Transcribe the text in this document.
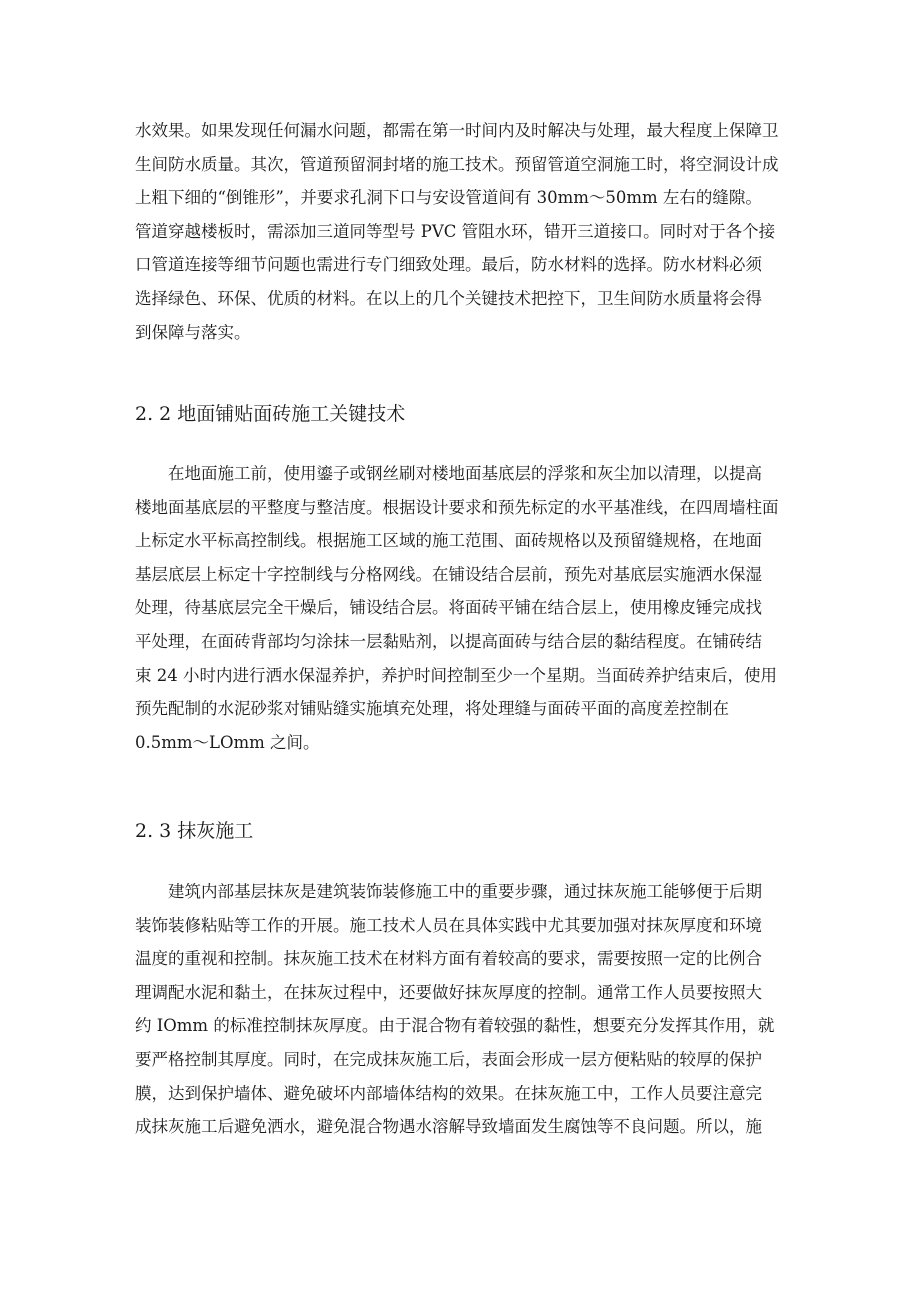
水效果。如果发现任何漏水问题，都需在第一时间内及时解决与处理，最大程度上保障卫
生间防水质量。其次，管道预留洞封堵的施工技术。预留管道空洞施工时，将空洞设计成
上粗下细的“倒锥形”，并要求孔洞下口与安设管道间有 30mm～50mm 左右的缝隙。
管道穿越楼板时，需添加三道同等型号 PVC 管阻水环，错开三道接口。同时对于各个接
口管道连接等细节问题也需进行专门细致处理。最后，防水材料的选择。防水材料必须
选择绿色、环保、优质的材料。在以上的几个关键技术把控下，卫生间防水质量将会得
到保障与落实。

2. 2 地面铺贴面砖施工关键技术

　　在地面施工前，使用鎏子或钢丝刷对楼地面基底层的浮浆和灰尘加以清理，以提高
楼地面基底层的平整度与整洁度。根据设计要求和预先标定的水平基准线，在四周墙柱面
上标定水平标高控制线。根据施工区域的施工范围、面砖规格以及预留缝规格，在地面
基层底层上标定十字控制线与分格网线。在铺设结合层前，预先对基底层实施洒水保湿
处理，待基底层完全干燥后，铺设结合层。将面砖平铺在结合层上，使用橡皮锤完成找
平处理，在面砖背部均匀涂抹一层黏贴剂，以提高面砖与结合层的黏结程度。在铺砖结
束 24 小时内进行洒水保湿养护，养护时间控制至少一个星期。当面砖养护结束后，使用
预先配制的水泥砂浆对铺贴缝实施填充处理，将处理缝与面砖平面的高度差控制在
0.5mm～LOmm 之间。

2. 3 抹灰施工

　　建筑内部基层抹灰是建筑装饰装修施工中的重要步骤，通过抹灰施工能够便于后期
装饰装修粘贴等工作的开展。施工技术人员在具体实践中尤其要加强对抹灰厚度和环境
温度的重视和控制。抹灰施工技术在材料方面有着较高的要求，需要按照一定的比例合
理调配水泥和黏土，在抹灰过程中，还要做好抹灰厚度的控制。通常工作人员要按照大
约 IOmm 的标准控制抹灰厚度。由于混合物有着较强的黏性，想要充分发挥其作用，就
要严格控制其厚度。同时，在完成抹灰施工后，表面会形成一层方便粘贴的较厚的保护
膜，达到保护墙体、避免破坏内部墙体结构的效果。在抹灰施工中，工作人员要注意完
成抹灰施工后避免洒水，避免混合物遇水溶解导致墙面发生腐蚀等不良问题。所以，施
